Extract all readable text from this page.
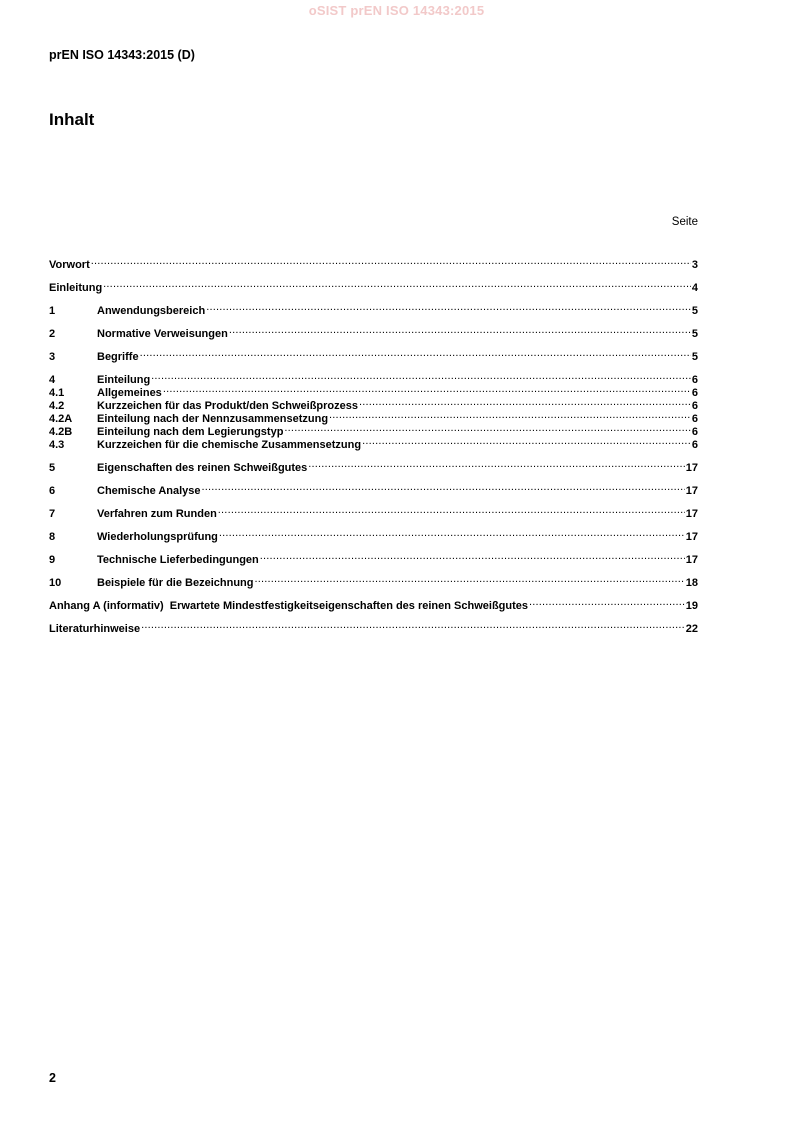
oSIST prEN ISO 14343:2015
prEN ISO 14343:2015 (D)
Inhalt
Seite
Vorwort .....	3
Einleitung .....	4
1	Anwendungsbereich .....	5
2	Normative Verweisungen .....	5
3	Begriffe .....	5
4	Einteilung .....	6
4.1	Allgemeines .....	6
4.2	Kurzzeichen für das Produkt/den Schweißprozess .....	6
4.2A	Einteilung nach der Nennzusammensetzung .....	6
4.2B	Einteilung nach dem Legierungstyp .....	6
4.3	Kurzzeichen für die chemische Zusammensetzung .....	6
5	Eigenschaften des reinen Schweißgutes .....	17
6	Chemische Analyse .....	17
7	Verfahren zum Runden .....	17
8	Wiederholungsprüfung .....	17
9	Technische Lieferbedingungen .....	17
10	Beispiele für die Bezeichnung .....	18
Anhang A (informativ)  Erwartete Mindestfestigkeitseigenschaften des reinen Schweißgutes .....	19
Literaturhinweise .....	22
2
